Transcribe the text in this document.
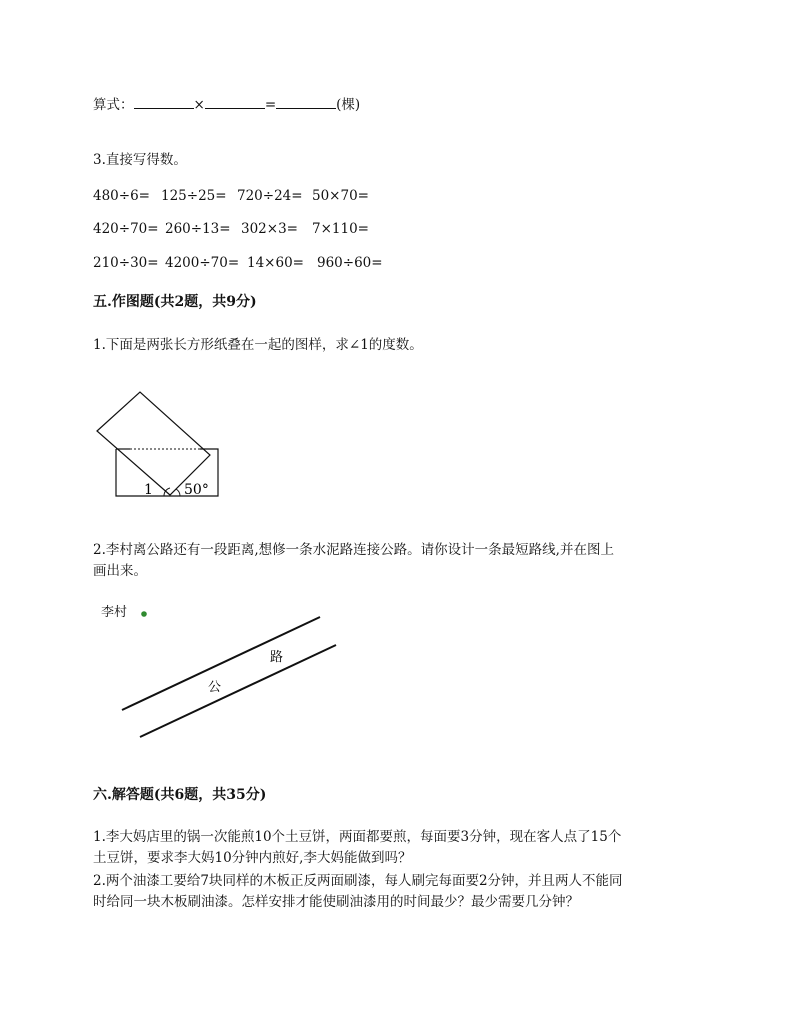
算式：	×	=	(棵)
3.直接写得数。
480÷6= 125÷25= 720÷24= 50×70=
420÷70= 260÷13= 302×3= 7×110=
210÷30= 4200÷70= 14×60= 960÷60=
五.作图题(共2题，共9分)
1.下面是两张长方形纸叠在一起的图样，求∠1的度数。
1 50°
2.李村离公路还有一段距离,想修一条水泥路连接公路。请你设计一条最短路线,并在图上
画出来。
李村
公
路
六.解答题(共6题，共35分)
1.李大妈店里的锅一次能煎10个土豆饼，两面都要煎，每面要3分钟，现在客人点了15个
土豆饼，要求李大妈10分钟内煎好,李大妈能做到吗？
2.两个油漆工要给7块同样的木板正反两面刷漆，每人刷完每面要2分钟，并且两人不能同
时给同一块木板刷油漆。怎样安排才能使刷油漆用的时间最少？最少需要几分钟？
